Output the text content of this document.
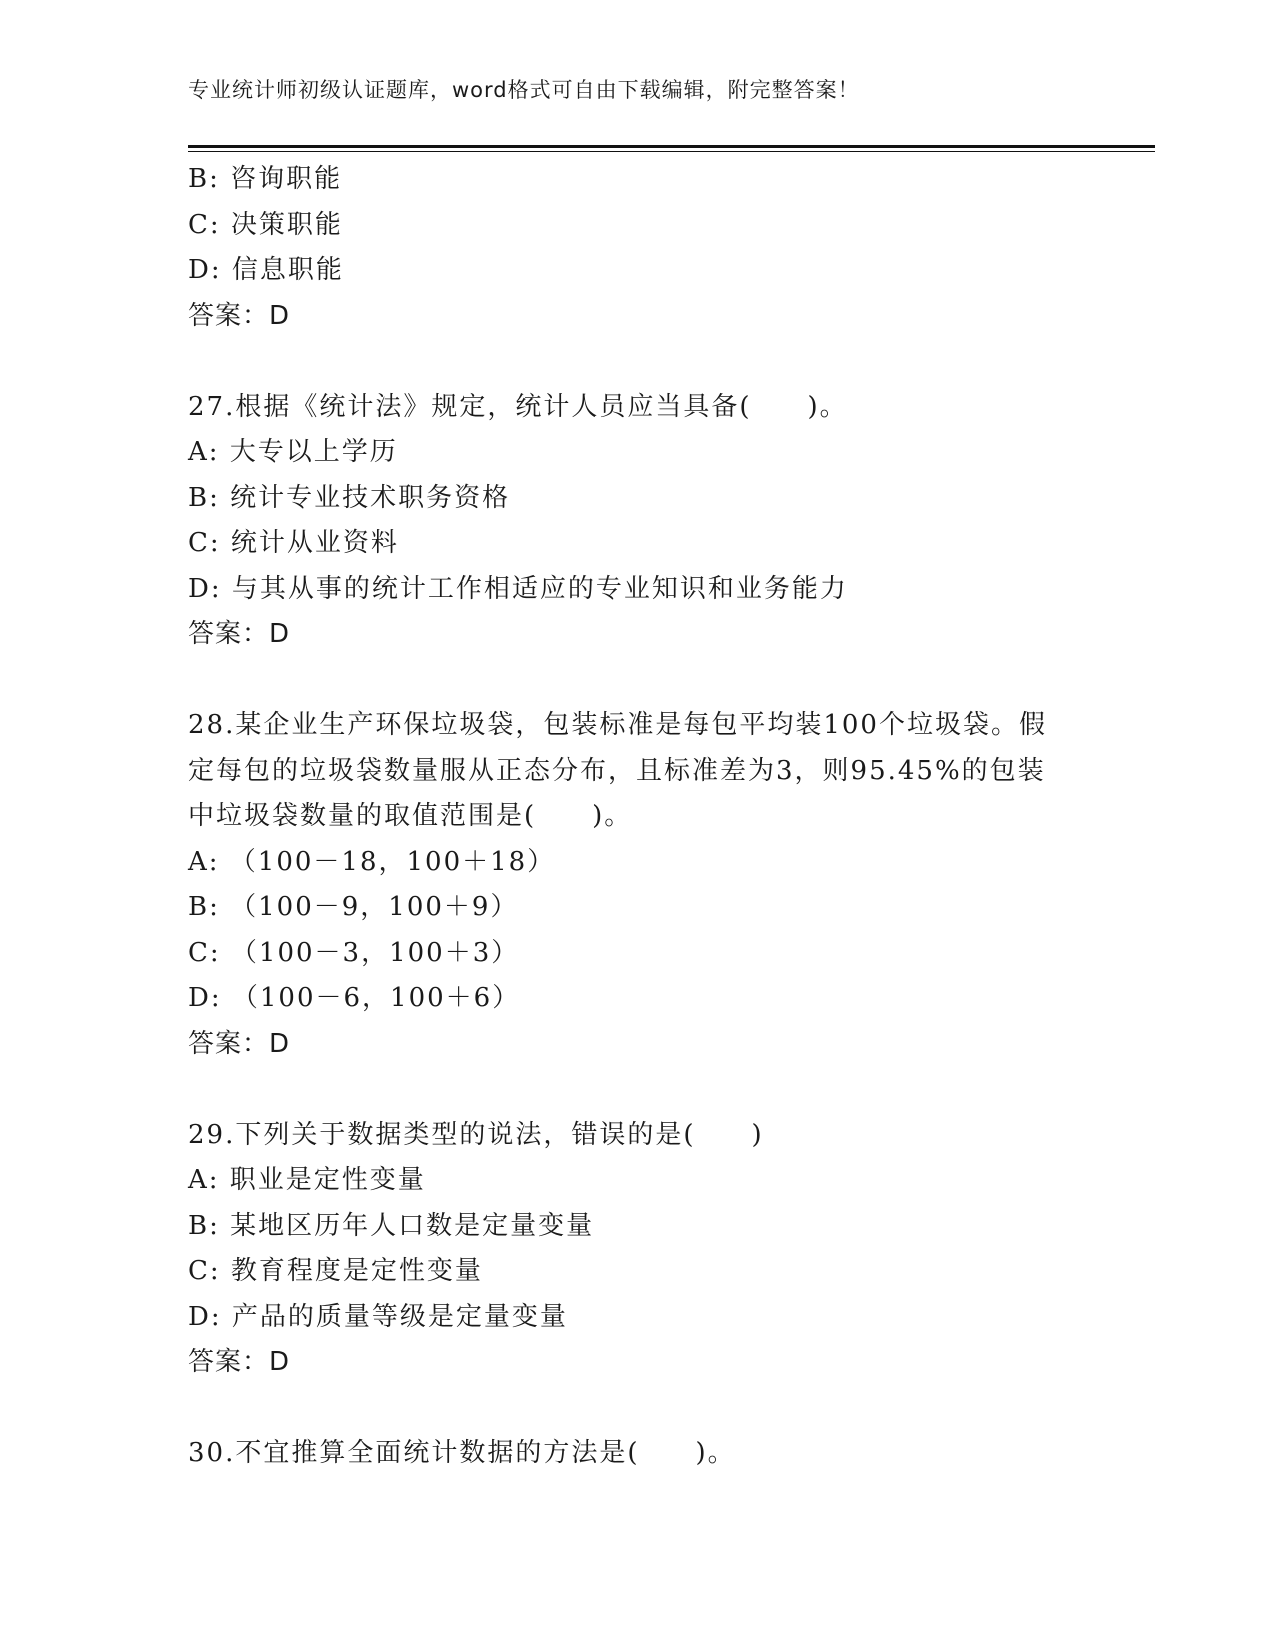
专业统计师初级认证题库，word格式可自由下载编辑，附完整答案！
B: 咨询职能
C: 决策职能
D: 信息职能
答案：D
27.根据《统计法》规定，统计人员应当具备(　　)。
A: 大专以上学历
B: 统计专业技术职务资格
C: 统计从业资料
D: 与其从事的统计工作相适应的专业知识和业务能力
答案：D
28.某企业生产环保垃圾袋，包装标准是每包平均装100个垃圾袋。假
定每包的垃圾袋数量服从正态分布，且标准差为3，则95.45%的包装
中垃圾袋数量的取值范围是(　　)。
A: （100－18，100＋18）
B: （100－9，100＋9）
C: （100－3，100＋3）
D: （100－6，100＋6）
答案：D
29.下列关于数据类型的说法，错误的是(　　)
A: 职业是定性变量
B: 某地区历年人口数是定量变量
C: 教育程度是定性变量
D: 产品的质量等级是定量变量
答案：D
30.不宜推算全面统计数据的方法是(　　)。
